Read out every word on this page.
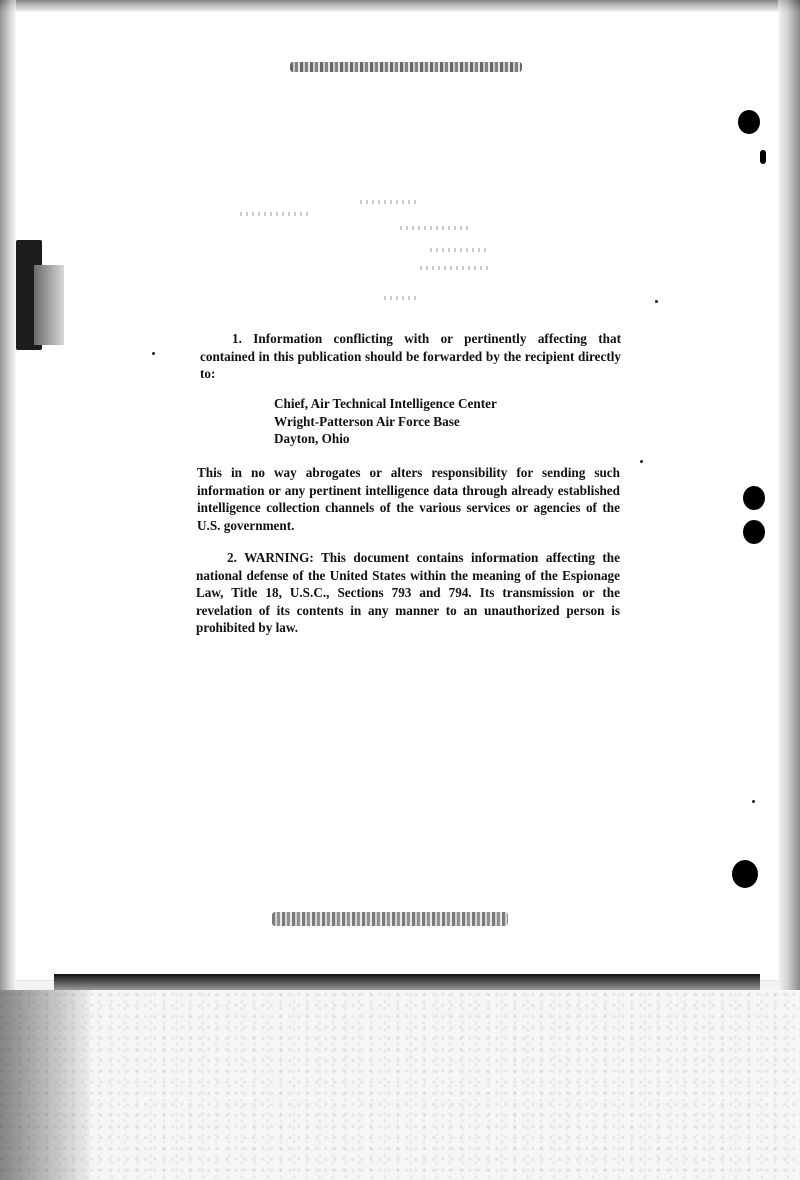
1. Information conflicting with or pertinently affecting that contained in this publication should be forwarded by the recipient directly to:
Chief, Air Technical Intelligence Center
Wright-Patterson Air Force Base
Dayton, Ohio
This in no way abrogates or alters responsibility for sending such information or any pertinent intelligence data through already established intelligence collection channels of the various services or agencies of the U.S. government.
2. WARNING: This document contains information affecting the national defense of the United States within the meaning of the Espionage Law, Title 18, U.S.C., Sections 793 and 794. Its transmission or the revelation of its contents in any manner to an unauthorized person is prohibited by law.
